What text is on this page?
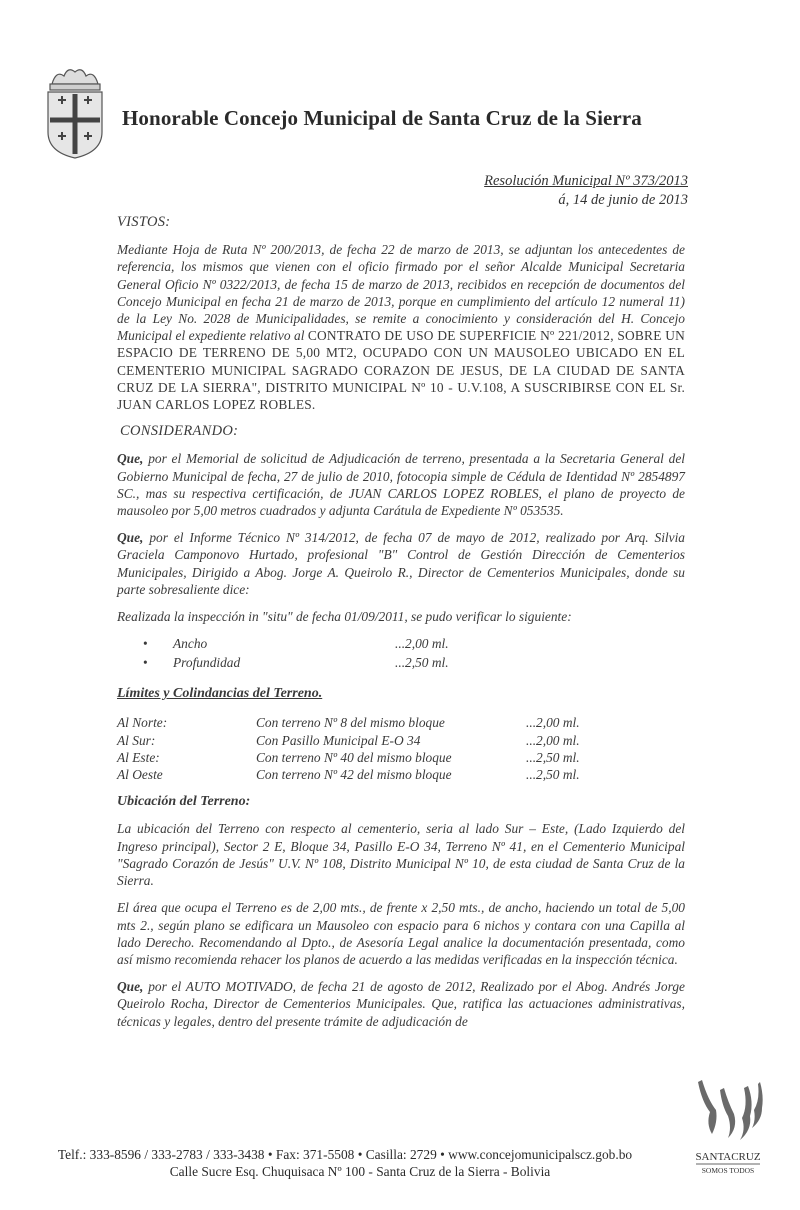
Honorable Concejo Municipal de Santa Cruz de la Sierra
Resolución Municipal Nº 373/2013
á, 14 de junio de 2013
VISTOS:

Mediante Hoja de Ruta Nº 200/2013, de fecha 22 de marzo de 2013, se adjuntan los antecedentes de referencia, los mismos que vienen con el oficio firmado por el señor Alcalde Municipal Secretaria General Oficio Nº 0322/2013, de fecha 15 de marzo de 2013, recibidos en recepción de documentos del Concejo Municipal en fecha 21 de marzo de 2013, porque en cumplimiento del artículo 12 numeral 11) de la Ley No. 2028 de Municipalidades, se remite a conocimiento y consideración del H. Concejo Municipal el expediente relativo al CONTRATO DE USO DE SUPERFICIE Nº 221/2012, SOBRE UN ESPACIO DE TERRENO DE 5,00 MT2, OCUPADO CON UN MAUSOLEO UBICADO EN EL CEMENTERIO MUNICIPAL SAGRADO CORAZON DE JESUS, DE LA CIUDAD DE SANTA CRUZ DE LA SIERRA", DISTRITO MUNICIPAL Nº 10 - U.V.108, A SUSCRIBIRSE CON EL Sr. JUAN CARLOS LOPEZ ROBLES.

CONSIDERANDO:

Que, por el Memorial de solicitud de Adjudicación de terreno, presentada a la Secretaria General del Gobierno Municipal de fecha, 27 de julio de 2010, fotocopia simple de Cédula de Identidad Nº 2854897 SC., mas su respectiva certificación, de JUAN CARLOS LOPEZ ROBLES, el plano de proyecto de mausoleo por 5,00 metros cuadrados y adjunta Carátula de Expediente Nº 053535.

Que, por el Informe Técnico Nº 314/2012, de fecha 07 de mayo de 2012, realizado por Arq. Silvia Graciela Camponovo Hurtado, profesional "B" Control de Gestión Dirección de Cementerios Municipales, Dirigido a Abog. Jorge A. Queirolo R., Director de Cementerios Municipales, donde su parte sobresaliente dice:

Realizada la inspección in "situ" de fecha 01/09/2011, se pudo verificar lo siguiente:

•	Ancho	...2,00 ml.
•	Profundidad	...2,50 ml.
Límites y Colindancias del Terreno.
Al Norte:	Con terreno Nº 8 del mismo bloque	...2,00 ml.
Al Sur:	Con Pasillo Municipal E-O 34	...2,00 ml.
Al Este:	Con terreno Nº 40 del mismo bloque	...2,50 ml.
Al Oeste	Con terreno Nº 42 del mismo bloque	...2,50 ml.
Ubicación del Terreno:

La ubicación del Terreno con respecto al cementerio, seria al lado Sur – Este, (Lado Izquierdo del Ingreso principal), Sector 2 E, Bloque 34, Pasillo E-O 34, Terreno Nº 41, en el Cementerio Municipal "Sagrado Corazón de Jesús" U.V. Nº 108, Distrito Municipal Nº 10, de esta ciudad de Santa Cruz de la Sierra.

El área que ocupa el Terreno es de 2,00 mts., de frente x 2,50 mts., de ancho, haciendo un total de 5,00 mts 2., según plano se edificara un Mausoleo con espacio para 6 nichos y contara con una Capilla al lado Derecho. Recomendando al Dpto., de Asesoría Legal analice la documentación presentada, como así mismo recomienda rehacer los planos de acuerdo a las medidas verificadas en la inspección técnica.

Que, por el AUTO MOTIVADO, de fecha 21 de agosto de 2012, Realizado por el Abog. Andrés Jorge Queirolo Rocha, Director de Cementerios Municipales. Que, ratifica las actuaciones administrativas, técnicas y legales, dentro del presente trámite de adjudicación de

Telf.: 333-8596 / 333-2783 / 333-3438 • Fax: 371-5508 • Casilla: 2729 • www.concejomunicipalscz.gob.bo
Calle Sucre Esq. Chuquisaca Nº 100 - Santa Cruz de la Sierra - Bolivia
SANTACRUZ
SOMOS TODOS
